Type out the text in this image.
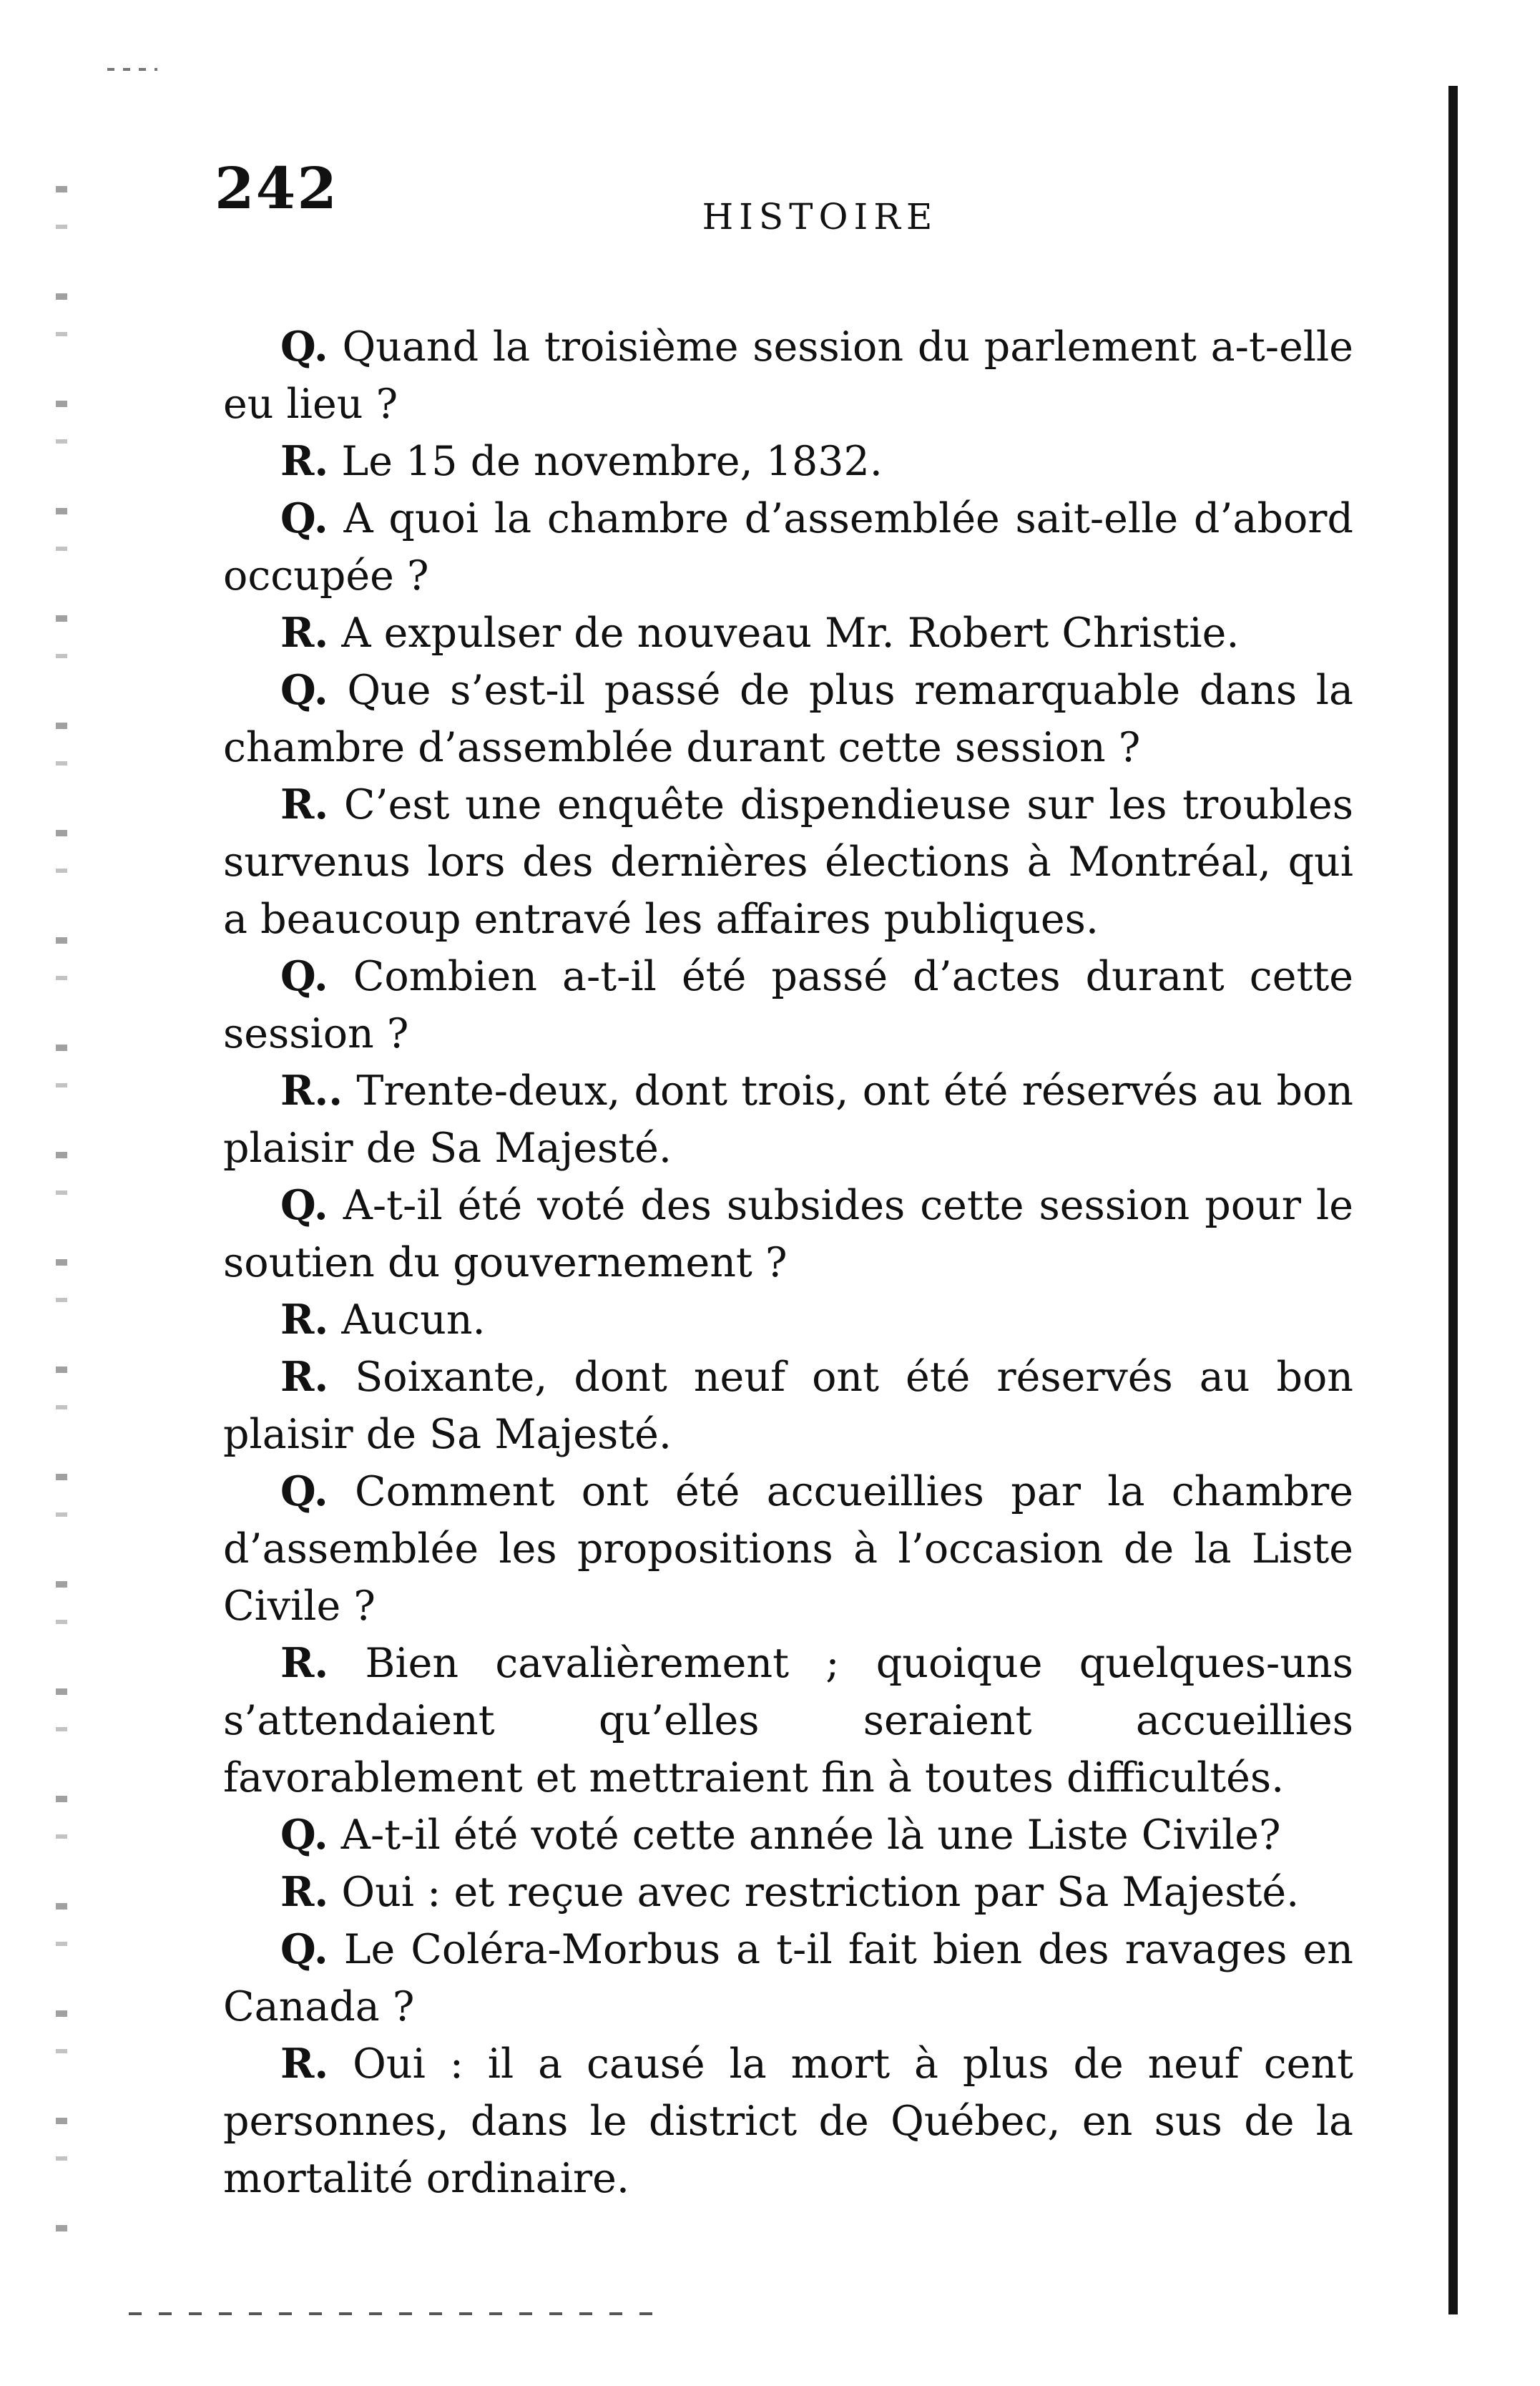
242	HISTOIRE

Q. Quand la troisième session du parlement a-t-elle eu lieu ?

R. Le 15 de novembre, 1832.

Q. A quoi la chambre d’assemblée sait-elle d’abord occupée ?

R. A expulser de nouveau Mr. Robert Christie.

Q. Que s’est-il passé de plus remarquable dans la chambre d’assemblée durant cette session ?

R. C’est une enquête dispendieuse sur les troubles survenus lors des dernières élections à Montréal, qui a beaucoup entravé les affaires publiques.

Q. Combien a-t-il été passé d’actes durant cette session ?

R.. Trente-deux, dont trois, ont été réservés au bon plaisir de Sa Majesté.

Q. A-t-il été voté des subsides cette session pour le soutien du gouvernement ?

R. Aucun.

R. Soixante, dont neuf ont été réservés au bon plaisir de Sa Majesté.

Q. Comment ont été accueillies par la chambre d’assemblée les propositions à l’occasion de la Liste Civile ?

R. Bien cavalièrement ; quoique quelques-uns s’attendaient qu’elles seraient accueillies favorablement et mettraient fin à toutes difficultés.

Q. A-t-il été voté cette année là une Liste Civile?

R. Oui : et reçue avec restriction par Sa Majesté.

Q. Le Coléra-Morbus a t-il fait bien des ravages en Canada ?

R. Oui : il a causé la mort à plus de neuf cent personnes, dans le district de Québec, en sus de la mortalité ordinaire.
